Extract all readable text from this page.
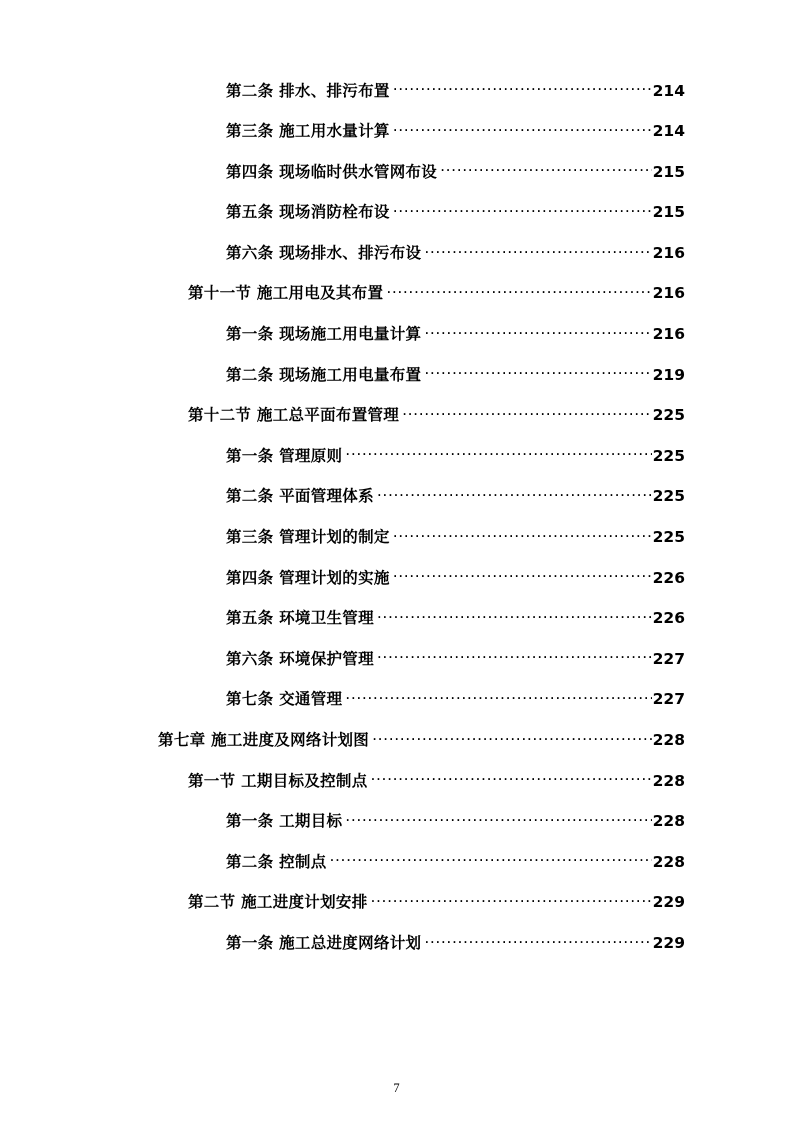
第二条 排水、排污布置 .....	214
第三条 施工用水量计算 .....	214
第四条 现场临时供水管网布设 .....	215
第五条 现场消防栓布设 .....	215
第六条 现场排水、排污布设 .....	216
第十一节 施工用电及其布置 .....	216
第一条 现场施工用电量计算 .....	216
第二条 现场施工用电量布置 .....	219
第十二节 施工总平面布置管理 .....	225
第一条 管理原则 .....	225
第二条 平面管理体系 .....	225
第三条 管理计划的制定 .....	225
第四条 管理计划的实施 .....	226
第五条 环境卫生管理 .....	226
第六条 环境保护管理 .....	227
第七条 交通管理 .....	227
第七章 施工进度及网络计划图 .....	228
第一节 工期目标及控制点 .....	228
第一条 工期目标 .....	228
第二条 控制点 .....	228
第二节 施工进度计划安排 .....	229
第一条 施工总进度网络计划 .....	229
7
